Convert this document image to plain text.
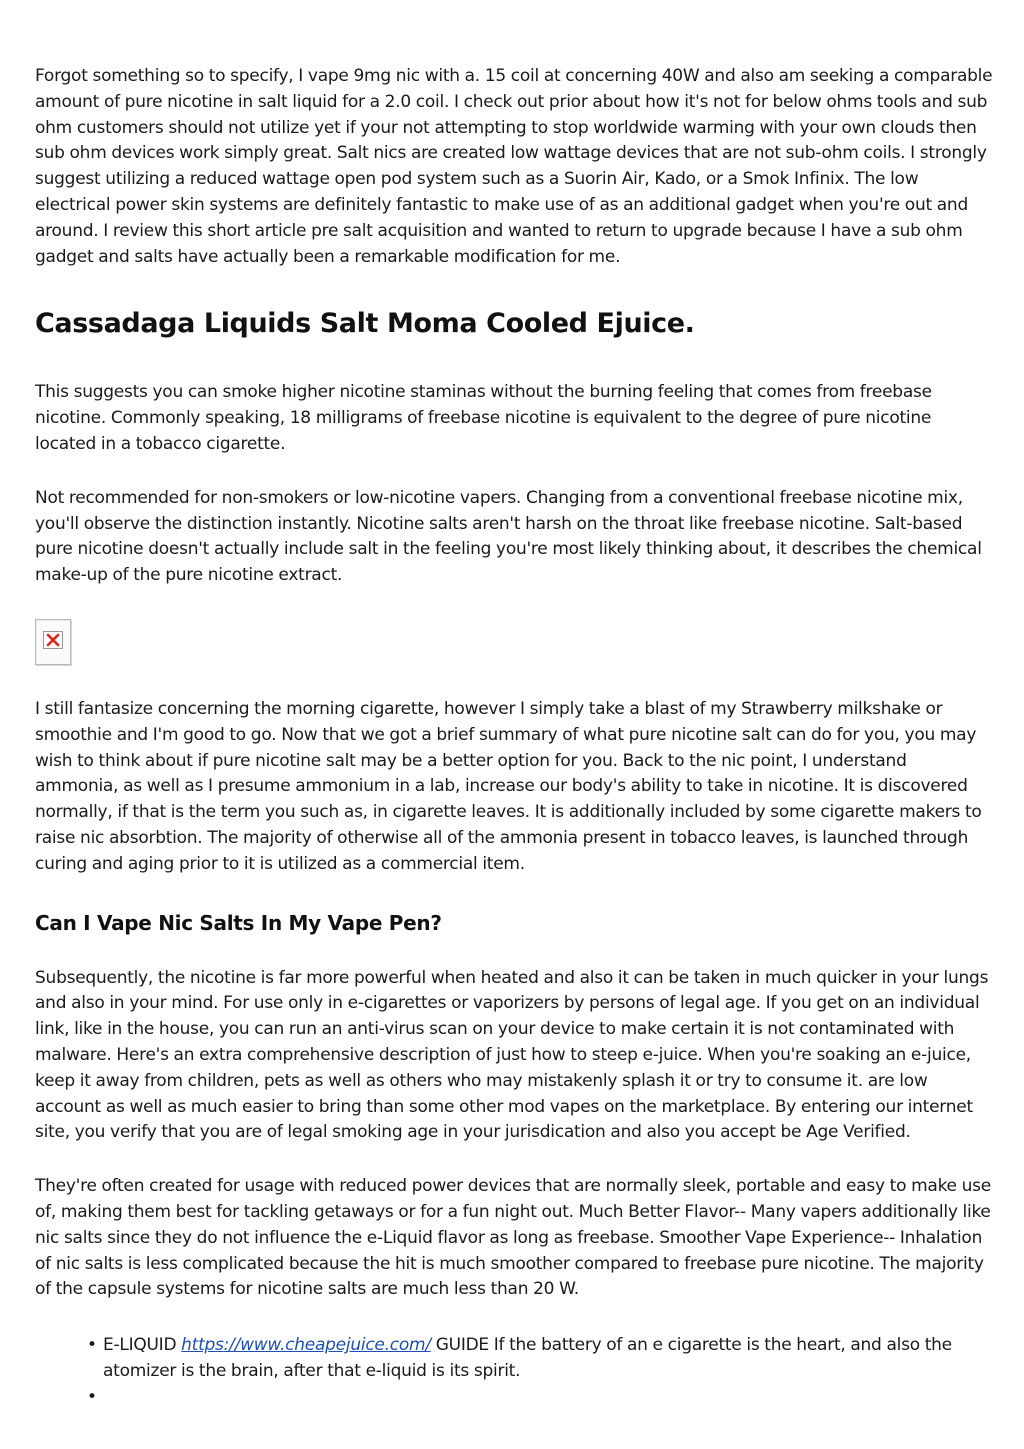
Forgot something so to specify, I vape 9mg nic with a. 15 coil at concerning 40W and also am seeking a comparable amount of pure nicotine in salt liquid for a 2.0 coil. I check out prior about how it's not for below ohms tools and sub ohm customers should not utilize yet if your not attempting to stop worldwide warming with your own clouds then sub ohm devices work simply great. Salt nics are created low wattage devices that are not sub-ohm coils. I strongly suggest utilizing a reduced wattage open pod system such as a Suorin Air, Kado, or a Smok Infinix. The low electrical power skin systems are definitely fantastic to make use of as an additional gadget when you're out and around. I review this short article pre salt acquisition and wanted to return to upgrade because I have a sub ohm gadget and salts have actually been a remarkable modification for me.

Cassadaga Liquids Salt Moma Cooled Ejuice.

This suggests you can smoke higher nicotine staminas without the burning feeling that comes from freebase nicotine. Commonly speaking, 18 milligrams of freebase nicotine is equivalent to the degree of pure nicotine located in a tobacco cigarette.

Not recommended for non-smokers or low-nicotine vapers. Changing from a conventional freebase nicotine mix, you'll observe the distinction instantly. Nicotine salts aren't harsh on the throat like freebase nicotine. Salt-based pure nicotine doesn't actually include salt in the feeling you're most likely thinking about, it describes the chemical make-up of the pure nicotine extract.

I still fantasize concerning the morning cigarette, however I simply take a blast of my Strawberry milkshake or smoothie and I'm good to go. Now that we got a brief summary of what pure nicotine salt can do for you, you may wish to think about if pure nicotine salt may be a better option for you. Back to the nic point, I understand ammonia, as well as I presume ammonium in a lab, increase our body's ability to take in nicotine. It is discovered normally, if that is the term you such as, in cigarette leaves. It is additionally included by some cigarette makers to raise nic absorbtion. The majority of otherwise all of the ammonia present in tobacco leaves, is launched through curing and aging prior to it is utilized as a commercial item.

Can I Vape Nic Salts In My Vape Pen?

Subsequently, the nicotine is far more powerful when heated and also it can be taken in much quicker in your lungs and also in your mind. For use only in e-cigarettes or vaporizers by persons of legal age. If you get on an individual link, like in the house, you can run an anti-virus scan on your device to make certain it is not contaminated with malware. Here's an extra comprehensive description of just how to steep e-juice. When you're soaking an e-juice, keep it away from children, pets as well as others who may mistakenly splash it or try to consume it. are low account as well as much easier to bring than some other mod vapes on the marketplace. By entering our internet site, you verify that you are of legal smoking age in your jurisdication and also you accept be Age Verified.

They're often created for usage with reduced power devices that are normally sleek, portable and easy to make use of, making them best for tackling getaways or for a fun night out. Much Better Flavor-- Many vapers additionally like nic salts since they do not influence the e-Liquid flavor as long as freebase. Smoother Vape Experience-- Inhalation of nic salts is less complicated because the hit is much smoother compared to freebase pure nicotine. The majority of the capsule systems for nicotine salts are much less than 20 W.

• E-LIQUID https://www.cheapejuice.com/ GUIDE If the battery of an e cigarette is the heart, and also the atomizer is the brain, after that e-liquid is its spirit.
•
